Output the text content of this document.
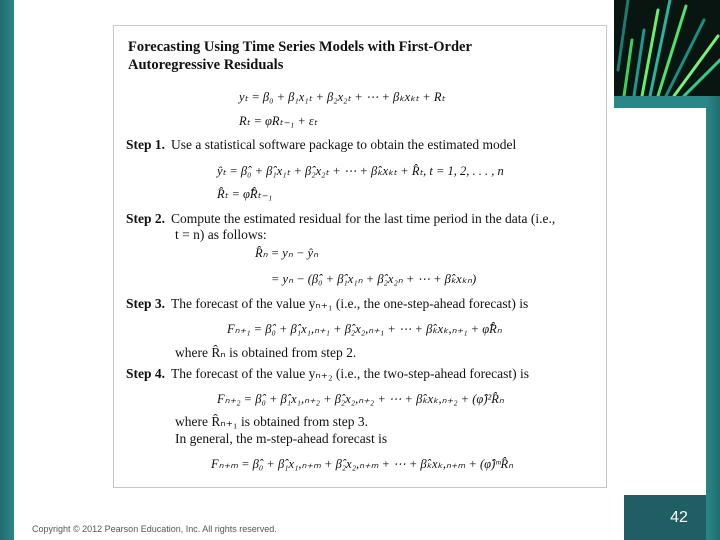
Forecasting Using Time Series Models with First-Order
Autoregressive Residuals
yₜ = β₀ + β₁x₁ₜ + β₂x₂ₜ + ⋯ + βₖxₖₜ + Rₜ
Rₜ = φRₜ₋₁ + εₜ
Step 1. Use a statistical software package to obtain the estimated model
ŷₜ = β̂₀ + β̂₁x₁ₜ + β̂₂x₂ₜ + ⋯ + β̂ₖxₖₜ + R̂ₜ, t = 1, 2, . . . , n
R̂ₜ = φ̂R̂ₜ₋₁
Step 2. Compute the estimated residual for the last time period in the data (i.e.,
t = n) as follows:
R̂ₙ = yₙ − ŷₙ
= yₙ − (β̂₀ + β̂₁x₁ₙ + β̂₂x₂ₙ + ⋯ + β̂ₖxₖₙ)
Step 3. The forecast of the value yₙ₊₁ (i.e., the one-step-ahead forecast) is
Fₙ₊₁ = β̂₀ + β̂₁x₁,ₙ₊₁ + β̂₂x₂,ₙ₊₁ + ⋯ + β̂ₖxₖ,ₙ₊₁ + φ̂R̂ₙ
where R̂ₙ is obtained from step 2.
Step 4. The forecast of the value yₙ₊₂ (i.e., the two-step-ahead forecast) is
Fₙ₊₂ = β̂₀ + β̂₁x₁,ₙ₊₂ + β̂₂x₂,ₙ₊₂ + ⋯ + β̂ₖxₖ,ₙ₊₂ + (φ̂)²R̂ₙ
where R̂ₙ₊₁ is obtained from step 3.
In general, the m-step-ahead forecast is
Fₙ₊ₘ = β̂₀ + β̂₁x₁,ₙ₊ₘ + β̂₂x₂,ₙ₊ₘ + ⋯ + β̂ₖxₖ,ₙ₊ₘ + (φ̂)ᵐR̂ₙ
Copyright © 2012 Pearson Education, Inc. All rights reserved.
42
